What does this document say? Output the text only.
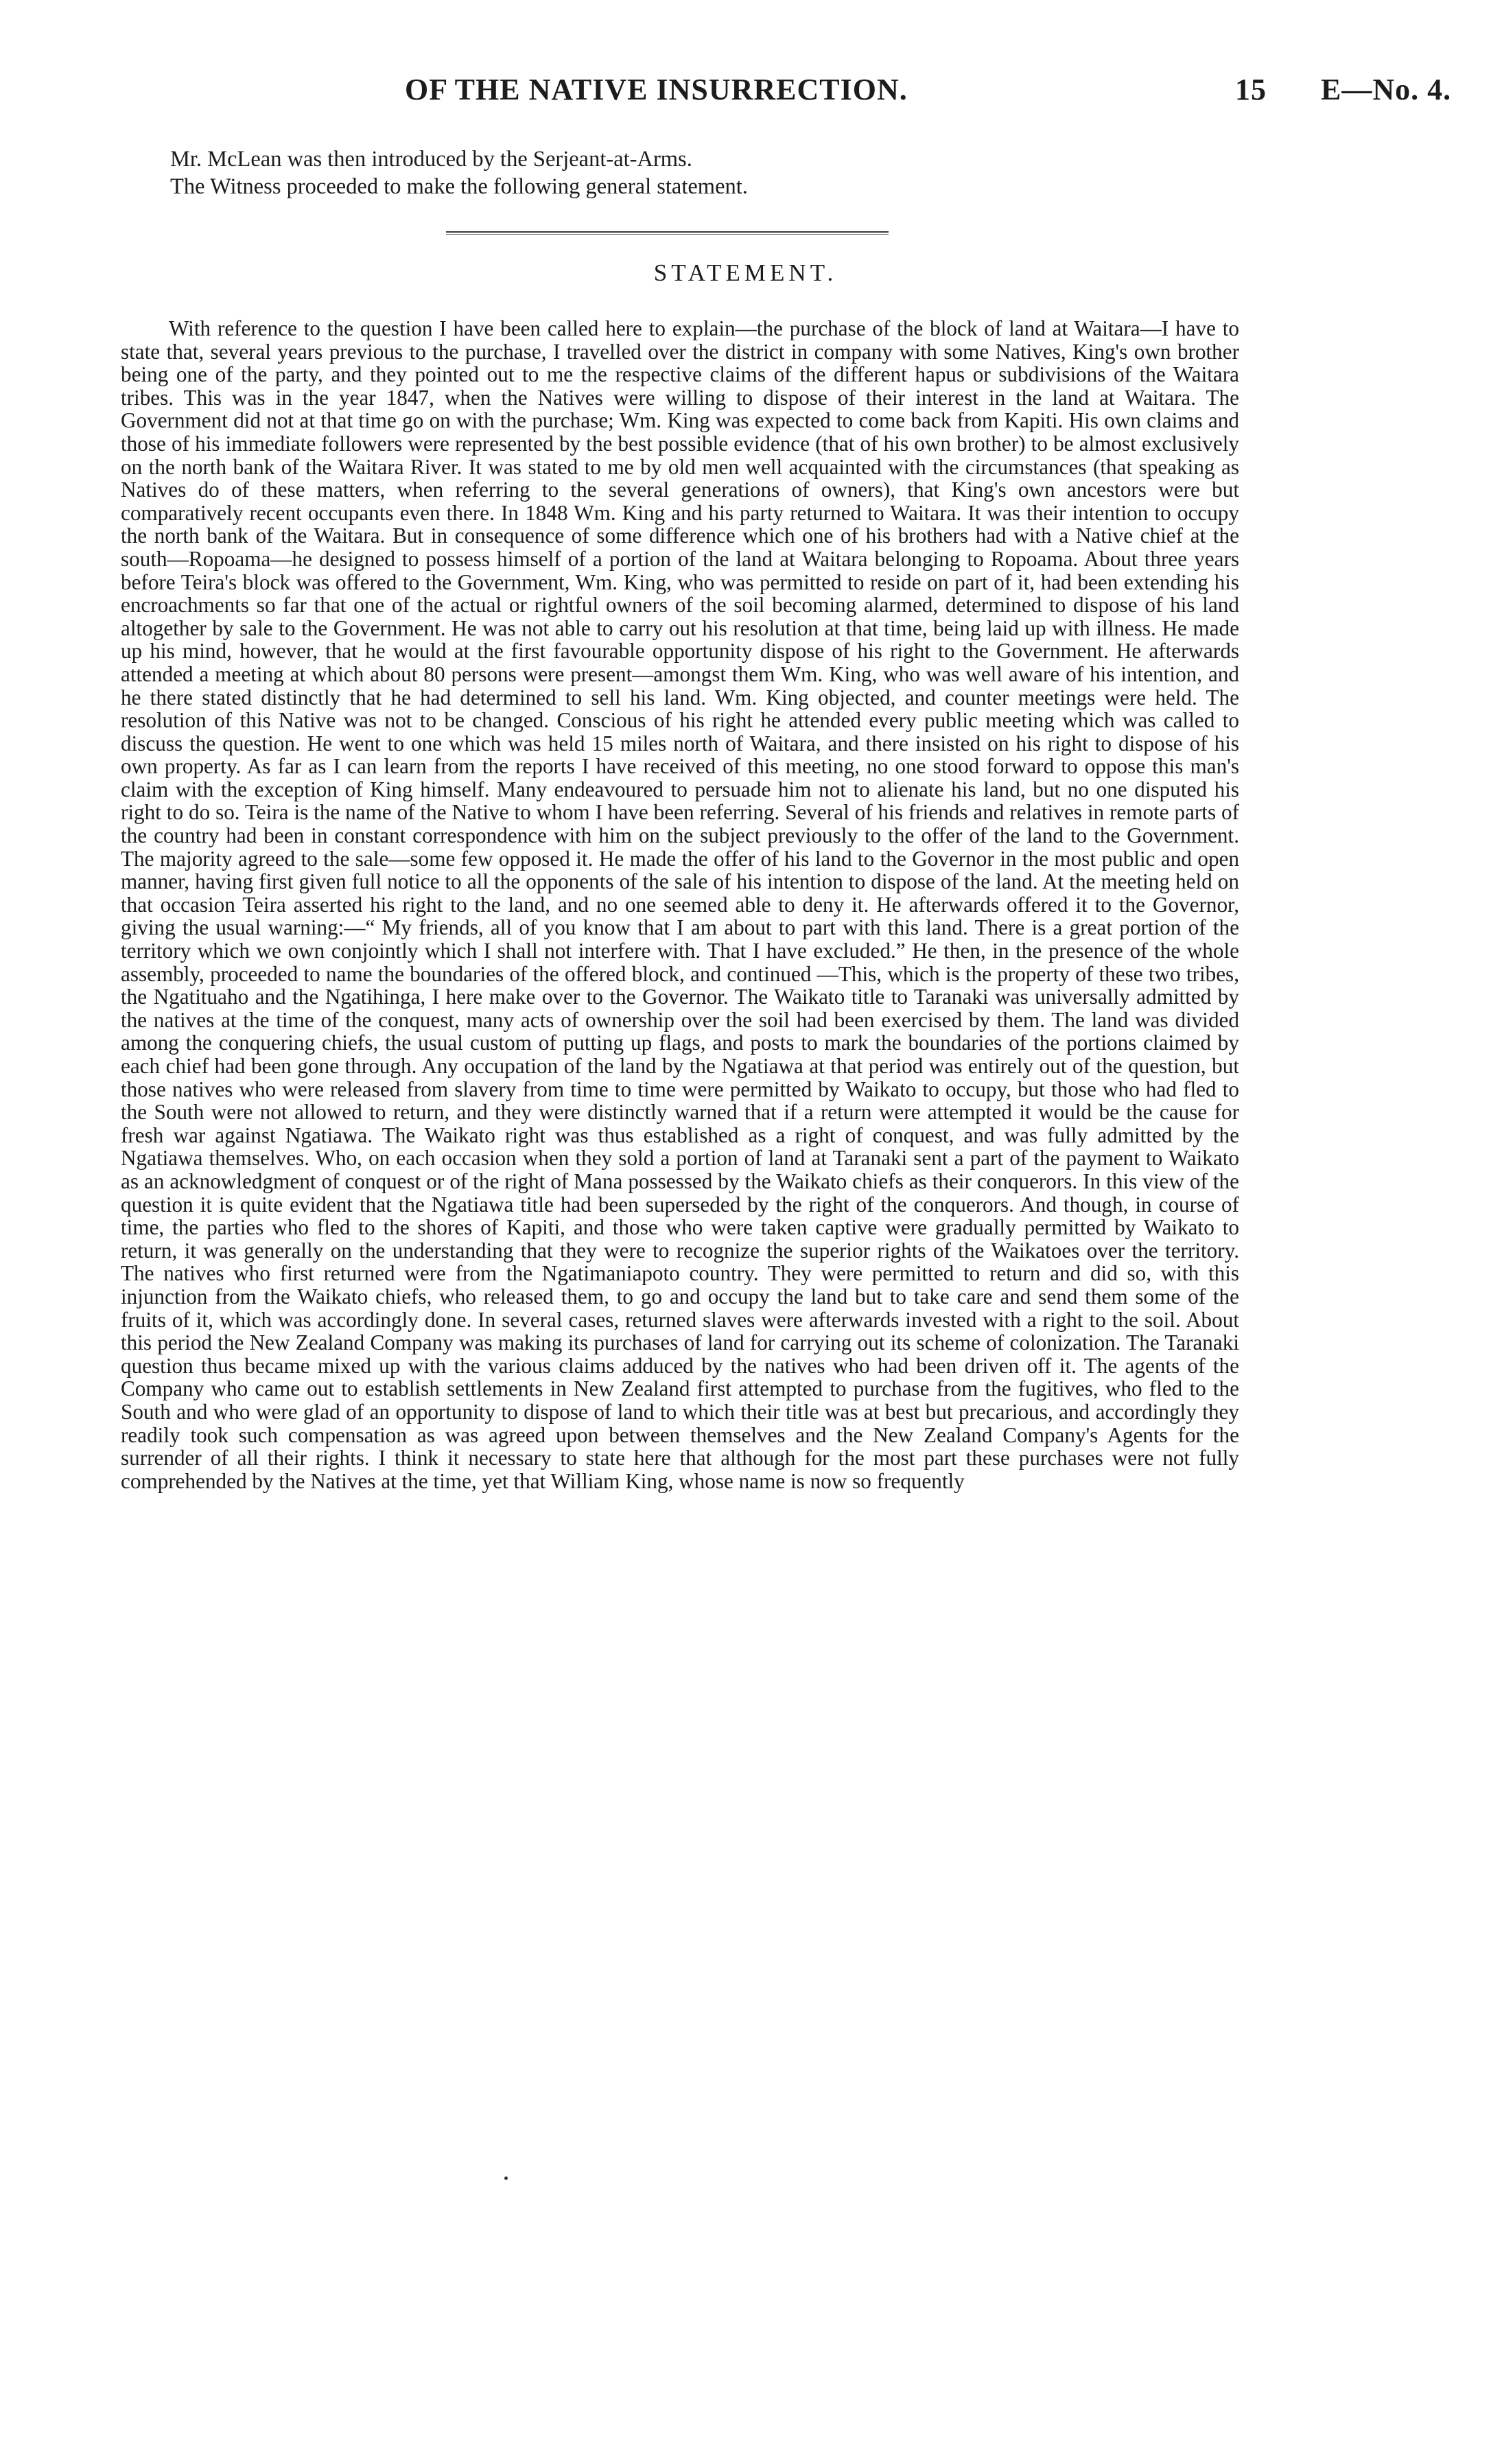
OF THE NATIVE INSURRECTION.	15 E—No. 4.

Mr. McLean was then introduced by the Serjeant-at-Arms.

The Witness proceeded to make the following general statement.

STATEMENT.

With reference to the question I have been called here to explain—the purchase of the block of land at Waitara—I have to state that, several years previous to the purchase, I travelled over the district in company with some Natives, King's own brother being one of the party, and they pointed out to me the respective claims of the different hapus or subdivisions of the Waitara tribes. This was in the year 1847, when the Natives were willing to dispose of their interest in the land at Waitara. The Government did not at that time go on with the purchase; Wm. King was expected to come back from Kapiti. His own claims and those of his immediate followers were represented by the best possible evidence (that of his own brother) to be almost exclusively on the north bank of the Waitara River. It was stated to me by old men well acquainted with the circumstances (that speaking as Natives do of these matters, when referring to the several generations of owners), that King's own ancestors were but comparatively recent occupants even there. In 1848 Wm. King and his party returned to Waitara. It was their intention to occupy the north bank of the Waitara. But in consequence of some difference which one of his brothers had with a Native chief at the south—Ropoama—he designed to possess himself of a portion of the land at Waitara belonging to Ropoama. About three years before Teira's block was offered to the Government, Wm. King, who was permitted to reside on part of it, had been extending his encroachments so far that one of the actual or rightful owners of the soil becoming alarmed, determined to dispose of his land altogether by sale to the Government. He was not able to carry out his resolution at that time, being laid up with illness. He made up his mind, however, that he would at the first favourable opportunity dispose of his right to the Government. He afterwards attended a meeting at which about 80 persons were present—amongst them Wm. King, who was well aware of his intention, and he there stated distinctly that he had determined to sell his land. Wm. King objected, and counter meetings were held. The resolution of this Native was not to be changed. Conscious of his right he attended every public meeting which was called to discuss the question. He went to one which was held 15 miles north of Waitara, and there insisted on his right to dispose of his own property. As far as I can learn from the reports I have received of this meeting, no one stood forward to oppose this man's claim with the exception of King himself. Many endeavoured to persuade him not to alienate his land, but no one disputed his right to do so. Teira is the name of the Native to whom I have been referring. Several of his friends and relatives in remote parts of the country had been in constant correspondence with him on the subject previously to the offer of the land to the Government. The majority agreed to the sale—some few opposed it. He made the offer of his land to the Governor in the most public and open manner, having first given full notice to all the opponents of the sale of his intention to dispose of the land. At the meeting held on that occasion Teira asserted his right to the land, and no one seemed able to deny it. He afterwards offered it to the Governor, giving the usual warning:—“ My friends, all of you know that I am about to part with this land. There is a great portion of the territory which we own conjointly which I shall not interfere with. That I have excluded.” He then, in the presence of the whole assembly, proceeded to name the boundaries of the offered block, and continued —This, which is the property of these two tribes, the Ngatituaho and the Ngatihinga, I here make over to the Governor. The Waikato title to Taranaki was universally admitted by the natives at the time of the conquest, many acts of ownership over the soil had been exercised by them. The land was divided among the conquering chiefs, the usual custom of putting up flags, and posts to mark the boundaries of the portions claimed by each chief had been gone through. Any occupation of the land by the Ngatiawa at that period was entirely out of the question, but those natives who were released from slavery from time to time were permitted by Waikato to occupy, but those who had fled to the South were not allowed to return, and they were distinctly warned that if a return were attempted it would be the cause for fresh war against Ngatiawa. The Waikato right was thus established as a right of conquest, and was fully admitted by the Ngatiawa themselves. Who, on each occasion when they sold a portion of land at Taranaki sent a part of the payment to Waikato as an acknowledgment of conquest or of the right of Mana possessed by the Waikato chiefs as their conquerors. In this view of the question it is quite evident that the Ngatiawa title had been superseded by the right of the conquerors. And though, in course of time, the parties who fled to the shores of Kapiti, and those who were taken captive were gradually permitted by Waikato to return, it was generally on the understanding that they were to recognize the superior rights of the Waikatoes over the territory. The natives who first returned were from the Ngatimaniapoto country. They were permitted to return and did so, with this injunction from the Waikato chiefs, who released them, to go and occupy the land but to take care and send them some of the fruits of it, which was accordingly done. In several cases, returned slaves were afterwards invested with a right to the soil. About this period the New Zealand Company was making its purchases of land for carrying out its scheme of colonization. The Taranaki question thus became mixed up with the various claims adduced by the natives who had been driven off it. The agents of the Company who came out to establish settlements in New Zealand first attempted to purchase from the fugitives, who fled to the South and who were glad of an opportunity to dispose of land to which their title was at best but precarious, and accordingly they readily took such compensation as was agreed upon between themselves and the New Zealand Company's Agents for the surrender of all their rights. I think it necessary to state here that although for the most part these purchases were not fully comprehended by the Natives at the time, yet that William King, whose name is now so frequently
